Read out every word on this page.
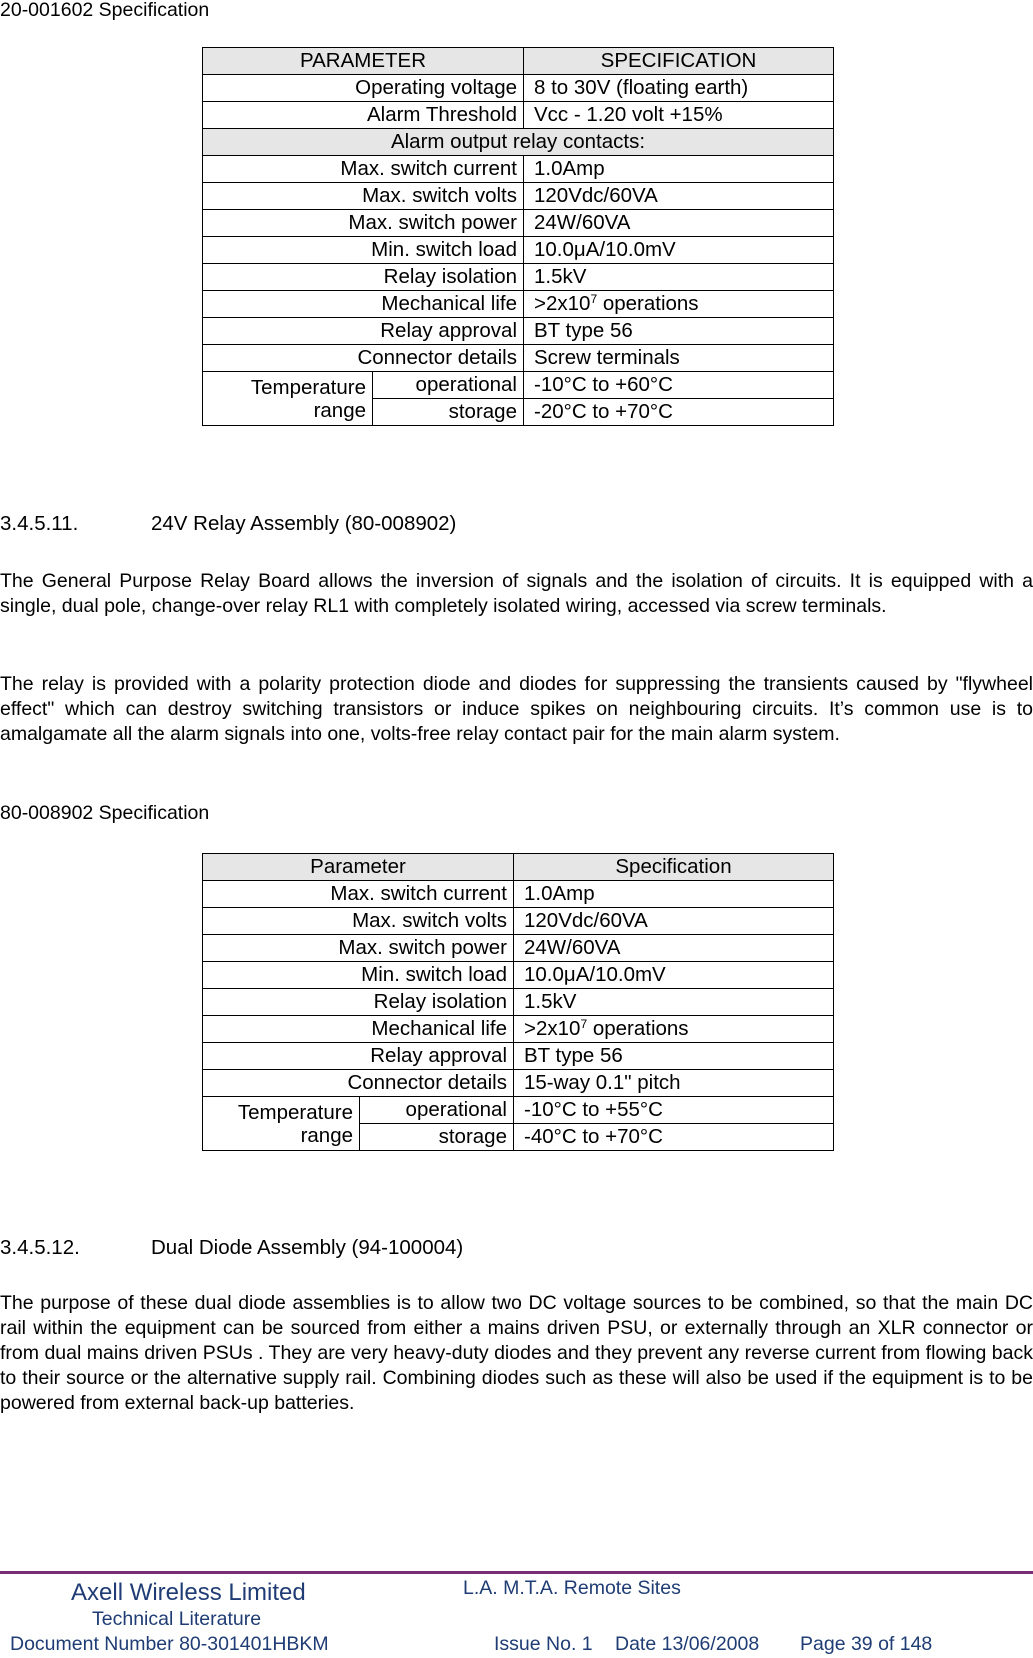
20-001602 Specification
PARAMETER		SPECIFICATION
Operating voltage		8 to 30V (floating earth)
Alarm Threshold		Vcc - 1.20 volt +15%
Alarm output relay contacts:		
Max. switch current		1.0Amp
Max. switch volts		120Vdc/60VA
Max. switch power		24W/60VA
Min. switch load		10.0μA/10.0mV
Relay isolation		1.5kV
Mechanical life		$>2x10^7$ operations
Relay approval		BT type 56
Connector details		Screw terminals
Temperature
range	operational	-10°C to +60°C
	storage	-20°C to +70°C
3.4.5.11.	24V Relay Assembly (80-008902)
The General Purpose Relay Board allows the inversion of signals and the isolation of circuits. It is equipped with a single, dual pole, change-over relay RL1 with completely isolated wiring, accessed via screw terminals.
The relay is provided with a polarity protection diode and diodes for suppressing the transients caused by "flywheel effect" which can destroy switching transistors or induce spikes on neighbouring circuits. It’s common use is to amalgamate all the alarm signals into one, volts-free relay contact pair for the main alarm system.
80-008902 Specification
Parameter		Specification
Max. switch current		1.0Amp
Max. switch volts		120Vdc/60VA
Max. switch power		24W/60VA
Min. switch load		10.0μA/10.0mV
Relay isolation		1.5kV
Mechanical life		$>2x10^7$ operations
Relay approval		BT type 56
Connector details		15-way 0.1" pitch
Temperature
range	operational	-10°C to +55°C
	storage	-40°C to +70°C
3.4.5.12.	Dual Diode Assembly (94-100004)
The purpose of these dual diode assemblies is to allow two DC voltage sources to be combined, so that the main DC rail within the equipment can be sourced from either a mains driven PSU, or externally through an XLR connector or from dual mains driven PSUs . They are very heavy-duty diodes and they prevent any reverse current from flowing back to their source or the alternative supply rail. Combining diodes such as these will also be used if the equipment is to be powered from external back-up batteries.
Axell Wireless Limited	L.A. M.T.A. Remote Sites
Technical Literature
Document Number 80-301401HBKM	Issue No. 1 Date 13/06/2008 Page 39 of 148
